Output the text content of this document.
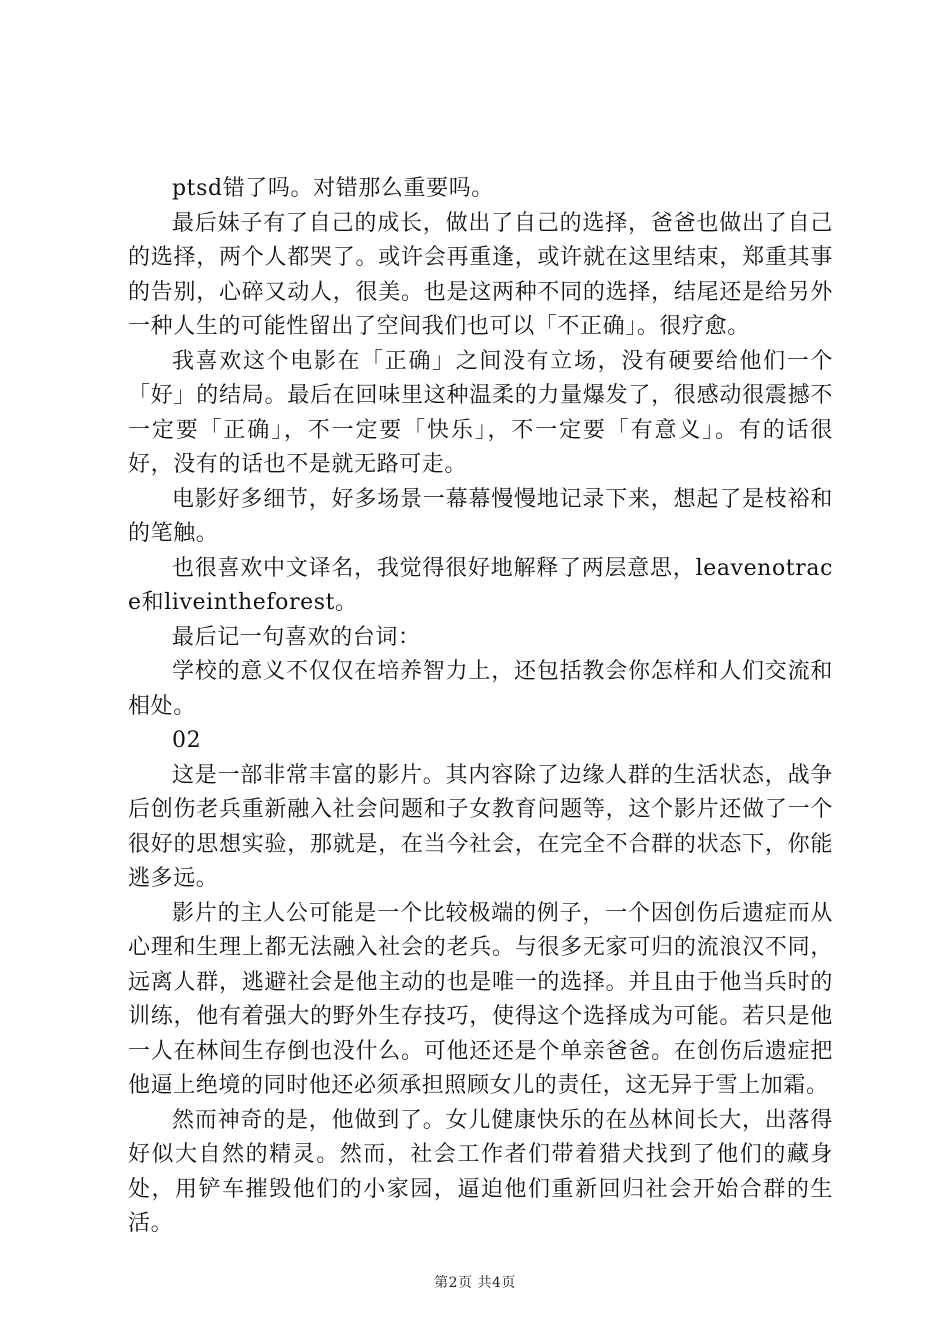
ptsd错了吗。对错那么重要吗。

最后妹子有了自己的成长，做出了自己的选择，爸爸也做出了自己的选择，两个人都哭了。或许会再重逢，或许就在这里结束，郑重其事的告别，心碎又动人，很美。也是这两种不同的选择，结尾还是给另外一种人生的可能性留出了空间我们也可以「不正确」。很疗愈。

我喜欢这个电影在「正确」之间没有立场，没有硬要给他们一个「好」的结局。最后在回味里这种温柔的力量爆发了，很感动很震撼不一定要「正确」，不一定要「快乐」，不一定要「有意义」。有的话很好，没有的话也不是就无路可走。

电影好多细节，好多场景一幕幕慢慢地记录下来，想起了是枝裕和的笔触。

也很喜欢中文译名，我觉得很好地解释了两层意思，leavenotrace和liveintheforest。

最后记一句喜欢的台词：

学校的意义不仅仅在培养智力上，还包括教会你怎样和人们交流和相处。

02

这是一部非常丰富的影片。其内容除了边缘人群的生活状态，战争后创伤老兵重新融入社会问题和子女教育问题等，这个影片还做了一个很好的思想实验，那就是，在当今社会，在完全不合群的状态下，你能逃多远。

影片的主人公可能是一个比较极端的例子，一个因创伤后遗症而从心理和生理上都无法融入社会的老兵。与很多无家可归的流浪汉不同，远离人群，逃避社会是他主动的也是唯一的选择。并且由于他当兵时的训练，他有着强大的野外生存技巧，使得这个选择成为可能。若只是他一人在林间生存倒也没什么。可他还还是个单亲爸爸。在创伤后遗症把他逼上绝境的同时他还必须承担照顾女儿的责任，这无异于雪上加霜。

然而神奇的是，他做到了。女儿健康快乐的在丛林间长大，出落得好似大自然的精灵。然而，社会工作者们带着猎犬找到了他们的藏身处，用铲车摧毁他们的小家园，逼迫他们重新回归社会开始合群的生活。

第2页 共4页
